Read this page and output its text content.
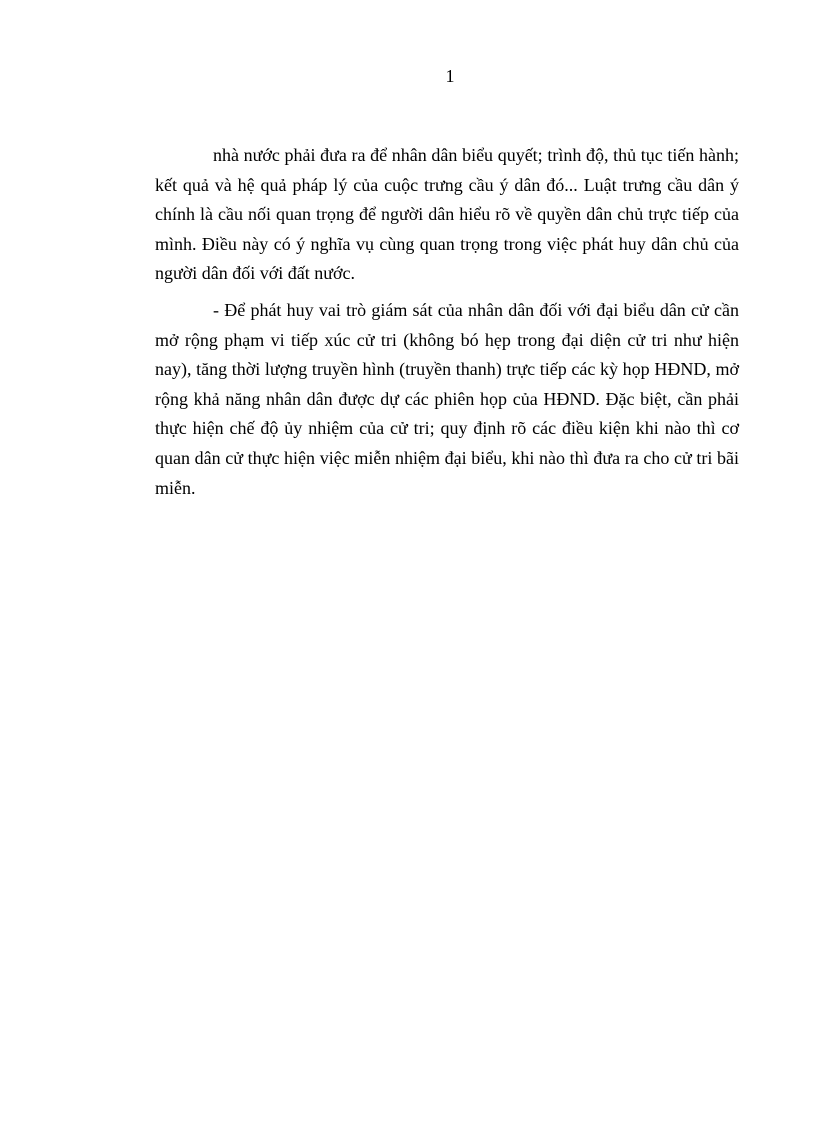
1

nhà nước phải đưa ra để nhân dân biểu quyết; trình độ, thủ tục tiến hành; kết quả và hệ quả pháp lý của cuộc trưng cầu ý dân đó... Luật trưng cầu dân ý chính là cầu nối quan trọng để người dân hiểu rõ về quyền dân chủ trực tiếp của mình. Điều này có ý nghĩa vụ cùng quan trọng trong việc phát huy dân chủ của người dân đối với đất nước.

- Để phát huy vai trò giám sát của nhân dân đối với đại biểu dân cử cần mở rộng phạm vi tiếp xúc cử tri (không bó hẹp trong đại diện cử tri như hiện nay), tăng thời lượng truyền hình (truyền thanh) trực tiếp các kỳ họp HĐND, mở rộng khả năng nhân dân được dự các phiên họp của HĐND. Đặc biệt, cần phải thực hiện chế độ ủy nhiệm của cử tri; quy định rõ các điều kiện khi nào thì cơ quan dân cử thực hiện việc miễn nhiệm đại biểu, khi nào thì đưa ra cho cử tri bãi miễn.
